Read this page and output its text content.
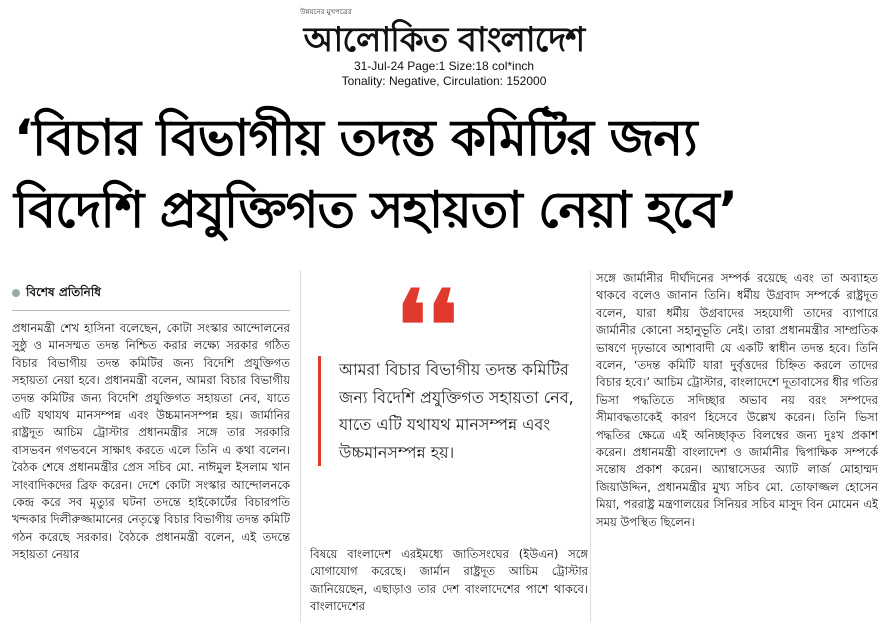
উন্নয়নের মুখপত্রের
আলোকিত বাংলাদেশ
31-Jul-24 Page:1 Size:18 col*inch
Tonality: Negative, Circulation: 152000
‘বিচার বিভাগীয় তদন্ত কমিটির জন্য
বিদেশি প্রযুক্তিগত সহায়তা নেয়া হবে’
বিশেষ প্রতিনিধি
প্রধানমন্ত্রী শেখ হাসিনা বলেছেন, কোটা সংস্কার আন্দোলনের সুষ্ঠু ও মানসম্মত তদন্ত নিশ্চিত করার লক্ষ্যে সরকার গঠিত বিচার বিভাগীয় তদন্ত কমিটির জন্য বিদেশি প্রযুক্তিগত সহায়তা নেয়া হবে। প্রধানমন্ত্রী বলেন, আমরা বিচার বিভাগীয় তদন্ত কমিটির জন্য বিদেশি প্রযুক্তিগত সহায়তা নেব, যাতে এটি যথাযথ মানসম্পন্ন এবং উচ্চমানসম্পন্ন হয়। জার্মানির রাষ্ট্রদূত আচিম ট্রোস্টার প্রধানমন্ত্রীর সঙ্গে তার সরকারি বাসভবন গণভবনে সাক্ষাৎ করতে এলে তিনি এ কথা বলেন। বৈঠক শেষে প্রধানমন্ত্রীর প্রেস সচিব মো. নাঈমুল ইসলাম খান সাংবাদিকদের ব্রিফ করেন। দেশে কোটা সংস্কার আন্দোলনকে কেন্দ্র করে সব মৃত্যুর ঘটনা তদন্তে হাইকোর্টের বিচারপতি খন্দকার দিলীরুজ্জামানের নেতৃত্বে বিচার বিভাগীয় তদন্ত কমিটি গঠন করেছে সরকার। বৈঠকে প্রধানমন্ত্রী বলেন, এই তদন্তে সহায়তা নেয়ার
❛❛
আমরা বিচার বিভাগীয় তদন্ত কমিটির জন্য বিদেশি প্রযুক্তিগত সহায়তা নেব, যাতে এটি যথাযথ মানসম্পন্ন এবং উচ্চমানসম্পন্ন হয়।
বিষয়ে বাংলাদেশ এরইমধ্যে জাতিসংঘের (ইউএন) সঙ্গে যোগাযোগ করেছে। জার্মান রাষ্ট্রদূত আচিম ট্রোস্টার জানিয়েছেন, এছাড়াও তার দেশ বাংলাদেশের পাশে থাকবে। বাংলাদেশের
সঙ্গে জার্মানীর দীর্ঘদিনের সম্পর্ক রয়েছে এবং তা অব্যাহত থাকবে বলেও জানান তিনি। ধর্মীয় উগ্রবাদ সম্পর্কে রাষ্ট্রদূত বলেন, যারা ধর্মীয় উগ্রবাদের সহযোগী তাদের ব্যাপারে জার্মানীর কোনো সহানুভূতি নেই। তারা প্রধানমন্ত্রীর সাম্প্রতিক ভাষণে দৃঢ়ভাবে আশাবাদী যে একটি স্বাধীন তদন্ত হবে। তিনি বলেন, ‘তদন্ত কমিটি যারা দুর্বৃত্তদের চিহ্নিত করলে তাদের বিচার হবে।’ আচিম ট্রোস্টার, বাংলাদেশে দূতাবাসের ধীর গতির ভিসা পদ্ধতিতে সদিচ্ছার অভাব নয় বরং সম্পদের সীমাবদ্ধতাকেই কারণ হিসেবে উল্লেখ করেন। তিনি ভিসা পদ্ধতির ক্ষেত্রে এই অনিচ্ছাকৃত বিলম্বের জন্য দুঃখ প্রকাশ করেন। প্রধানমন্ত্রী বাংলাদেশ ও জার্মানীর দ্বিপাক্ষিক সম্পর্কে সন্তোষ প্রকাশ করেন। অ্যাম্বাসেডর অ্যাট লার্জ মোহাম্মদ জিয়াউদ্দিন, প্রধানমন্ত্রীর মুখ্য সচিব মো. তোফাজ্জল হোসেন মিয়া, পররাষ্ট্র মন্ত্রণালয়ের সিনিয়র সচিব মাসুদ বিন মোমেন এই সময় উপস্থিত ছিলেন।
